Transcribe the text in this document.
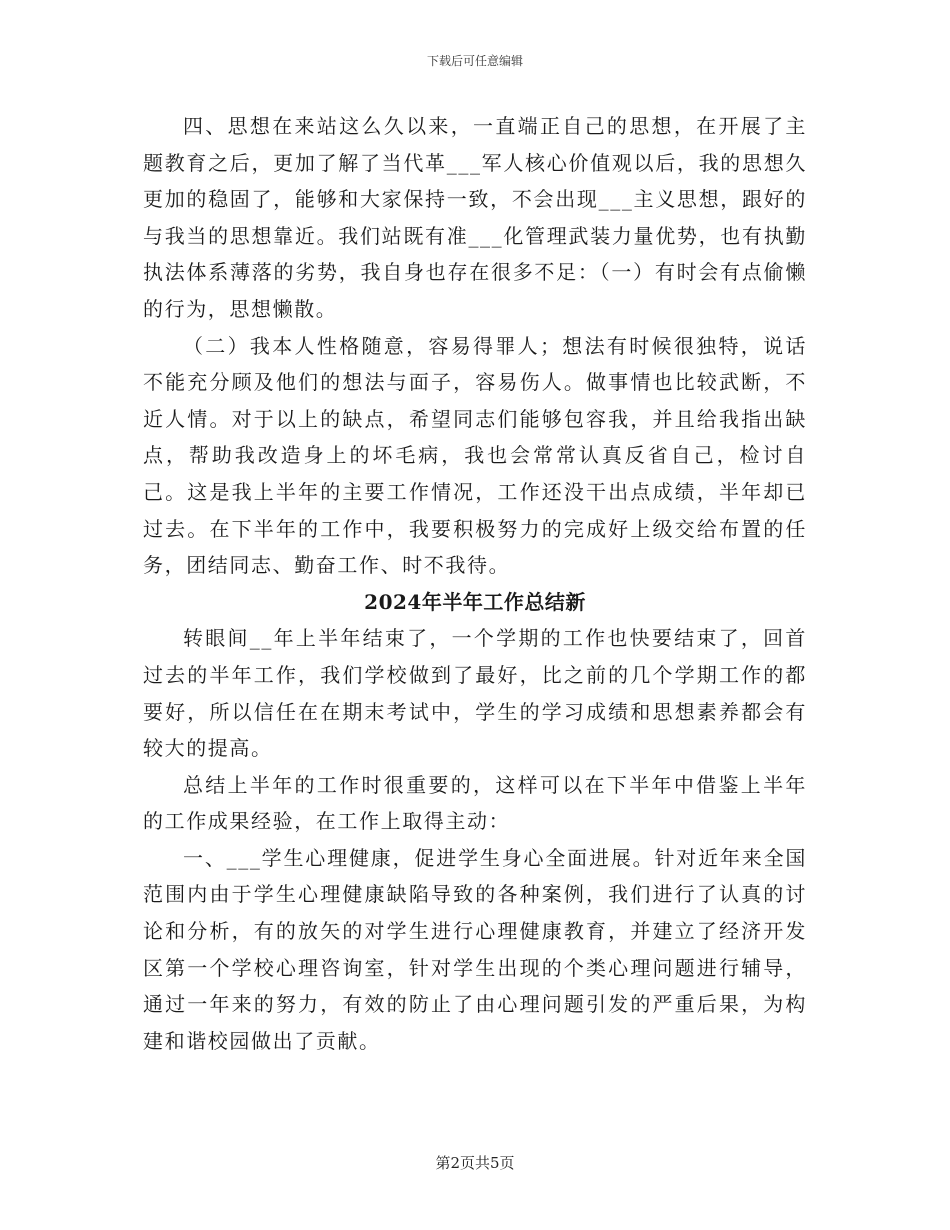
下载后可任意编辑

四、思想在来站这么久以来，一直端正自己的思想，在开展了主题教育之后，更加了解了当代革___军人核心价值观以后，我的思想久更加的稳固了，能够和大家保持一致，不会出现___主义思想，跟好的与我当的思想靠近。我们站既有准___化管理武装力量优势，也有执勤执法体系薄落的劣势，我自身也存在很多不足：（一）有时会有点偷懒的行为，思想懒散。

（二）我本人性格随意，容易得罪人；想法有时候很独特，说话不能充分顾及他们的想法与面子，容易伤人。做事情也比较武断，不近人情。对于以上的缺点，希望同志们能够包容我，并且给我指出缺点，帮助我改造身上的坏毛病，我也会常常认真反省自己，检讨自己。这是我上半年的主要工作情况，工作还没干出点成绩，半年却已过去。在下半年的工作中，我要积极努力的完成好上级交给布置的任务，团结同志、勤奋工作、时不我待。

2024年半年工作总结新

转眼间__年上半年结束了，一个学期的工作也快要结束了，回首过去的半年工作，我们学校做到了最好，比之前的几个学期工作的都要好，所以信任在在期末考试中，学生的学习成绩和思想素养都会有较大的提高。

总结上半年的工作时很重要的，这样可以在下半年中借鉴上半年的工作成果经验，在工作上取得主动：

一、___学生心理健康，促进学生身心全面进展。针对近年来全国范围内由于学生心理健康缺陷导致的各种案例，我们进行了认真的讨论和分析，有的放矢的对学生进行心理健康教育，并建立了经济开发区第一个学校心理咨询室，针对学生出现的个类心理问题进行辅导，通过一年来的努力，有效的防止了由心理问题引发的严重后果，为构建和谐校园做出了贡献。

第2页共5页
